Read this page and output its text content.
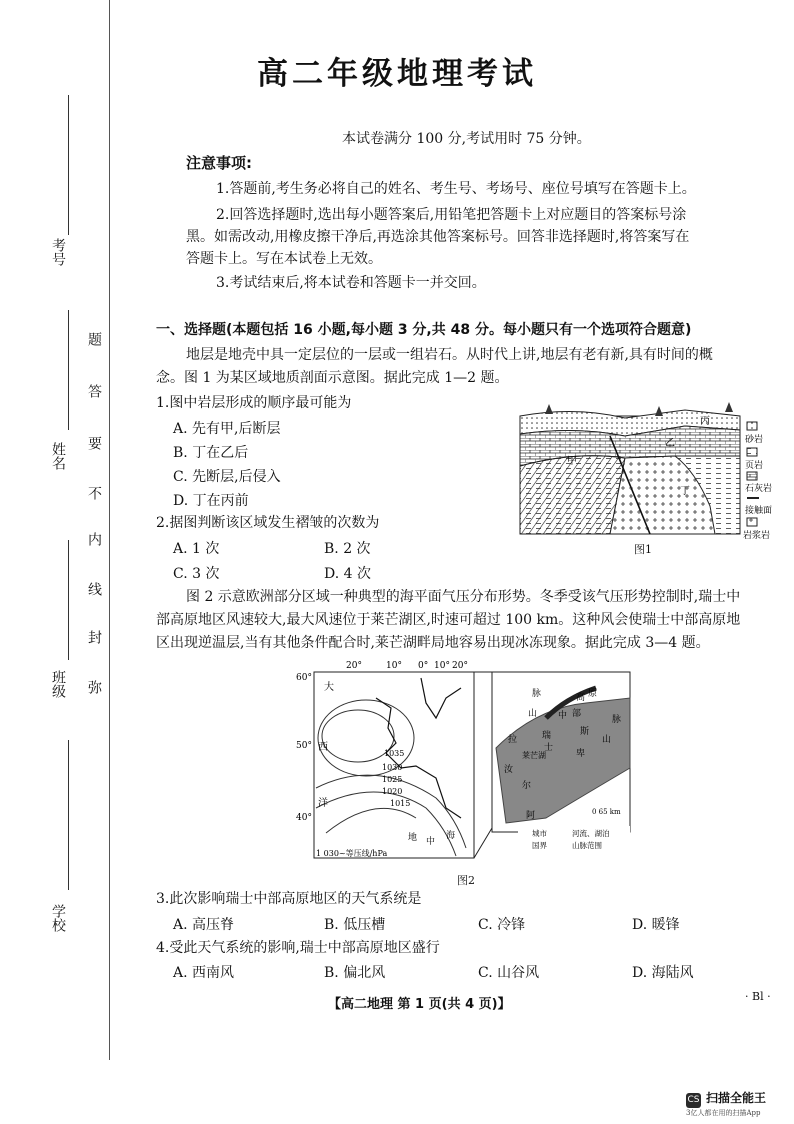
考号
姓名
班级
学校
题
答
要
不
内
线
封
弥
高二年级地理考试
本试卷满分 100 分,考试用时 75 分钟。
注意事项:
1.答题前,考生务必将自己的姓名、考生号、考场号、座位号填写在答题卡上。
2.回答选择题时,选出每小题答案后,用铅笔把答题卡上对应题目的答案标号涂
黑。如需改动,用橡皮擦干净后,再选涂其他答案标号。回答非选择题时,将答案写在
答题卡上。写在本试卷上无效。
3.考试结束后,将本试卷和答题卡一并交回。
一、选择题(本题包括 16 小题,每小题 3 分,共 48 分。每小题只有一个选项符合题意)
地层是地壳中具一定层位的一层或一组岩石。从时代上讲,地层有老有新,具有时间的概
念。图 1 为某区域地质剖面示意图。据此完成 1—2 题。
1.图中岩层形成的顺序最可能为
A. 先有甲,后断层
B. 丁在乙后
C. 先断层,后侵入
D. 丁在丙前
2.据图判断该区域发生褶皱的次数为
A. 1 次	B. 2 次
C. 3 次	D. 4 次
甲
乙
丙
丁
砂岩
页岩
石灰岩
接触面
岩浆岩
图1
图 2 示意欧洲部分区域一种典型的海平面气压分布形势。冬季受该气压形势控制时,瑞士中
部高原地区风速较大,最大风速位于莱芒湖区,时速可超过 100 km。这种风会使瑞士中部高原地
区出现逆温层,当有其他条件配合时,莱芒湖畔局地容易出现冰冻现象。据此完成 3—4 题。
20°	10° 0° 10° 20°
60°
50°
40°
大
西
洋
地 中
海
1035
1030
1025
1020
1015
1 030~等压线/hPa
山
脉
拉
汝
瑞
士
中 部
高 原
莱芒湖
阿
尔
卑
斯
山
脉
0 65 km
城市	河流、湖泊
国界	山脉范围
图2
3.此次影响瑞士中部高原地区的天气系统是
A. 高压脊	B. 低压槽	C. 冷锋	D. 暖锋
4.受此天气系统的影响,瑞士中部高原地区盛行
A. 西南风	B. 偏北风	C. 山谷风	D. 海陆风
【高二地理 第 1 页(共 4 页)】
· Bl ·
CS 扫描全能王
3亿人都在用的扫描App
